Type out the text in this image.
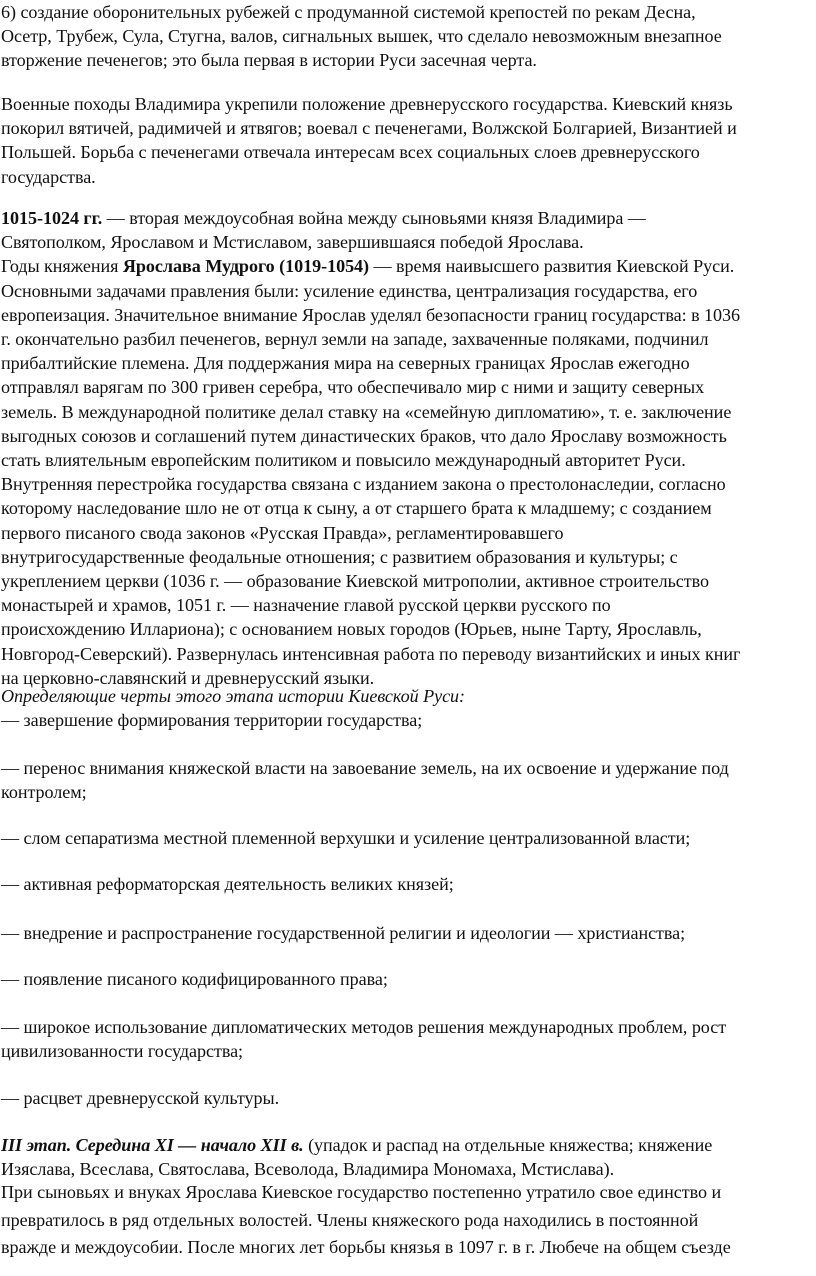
6) создание оборонительных рубежей с продуманной системой крепостей по рекам Десна,
Осетр, Трубеж, Сула, Стугна, валов, сигнальных вышек, что сделало невозможным внезапное
вторжение печенегов; это была первая в истории Руси засечная черта.
Военные походы Владимира укрепили положение древнерусского государства. Киевский князь
покорил вятичей, радимичей и ятвягов; воевал с печенегами, Волжской Болгарией, Византией и
Польшей. Борьба с печенегами отвечала интересам всех социальных слоев древнерусского
государства.
1015-1024 гг. — вторая междоусобная война между сыновьями князя Владимира —
Святополком, Ярославом и Мстиславом, завершившаяся победой Ярослава.
Годы княжения Ярослава Мудрого (1019-1054) — время наивысшего развития Киевской Руси.
Основными задачами правления были: усиление единства, централизация государства, его
европеизация. Значительное внимание Ярослав уделял безопасности границ государства: в 1036
г. окончательно разбил печенегов, вернул земли на западе, захваченные поляками, подчинил
прибалтийские племена. Для поддержания мира на северных границах Ярослав ежегодно
отправлял варягам по 300 гривен серебра, что обеспечивало мир с ними и защиту северных
земель. В международной политике делал ставку на «семейную дипломатию», т. е. заключение
выгодных союзов и соглашений путем династических браков, что дало Ярославу возможность
стать влиятельным европейским политиком и повысило международный авторитет Руси.
Внутренняя перестройка государства связана с изданием закона о престолонаследии, согласно
которому наследование шло не от отца к сыну, а от старшего брата к младшему; с созданием
первого писаного свода законов «Русская Правда», регламентировавшего
внутригосударственные феодальные отношения; с развитием образования и культуры; с
укреплением церкви (1036 г. — образование Киевской митрополии, активное строительство
монастырей и храмов, 1051 г. — назначение главой русской церкви русского по
происхождению Иллариона); с основанием новых городов (Юрьев, ныне Тарту, Ярославль,
Новгород-Северский). Развернулась интенсивная работа по переводу византийских и иных книг
на церковно-славянский и древнерусский языки.
Определяющие черты этого этапа истории Киевской Руси:
— завершение формирования территории государства;
— перенос внимания княжеской власти на завоевание земель, на их освоение и удержание под
контролем;
— слом сепаратизма местной племенной верхушки и усиление централизованной власти;
— активная реформаторская деятельность великих князей;
— внедрение и распространение государственной религии и идеологии — христианства;
— появление писаного кодифицированного права;
— широкое использование дипломатических методов решения международных проблем, рост
цивилизованности государства;
— расцвет древнерусской культуры.
III этап. Середина XI — начало XII в. (упадок и распад на отдельные княжества; княжение
Изяслава, Всеслава, Святослава, Всеволода, Владимира Мономаха, Мстислава).
При сыновьях и внуках Ярослава Киевское государство постепенно утратило свое единство и
превратилось в ряд отдельных волостей. Члены княжеского рода находились в постоянной
вражде и междоусобии. После многих лет борьбы князья в 1097 г. в г. Любече на общем съезде
